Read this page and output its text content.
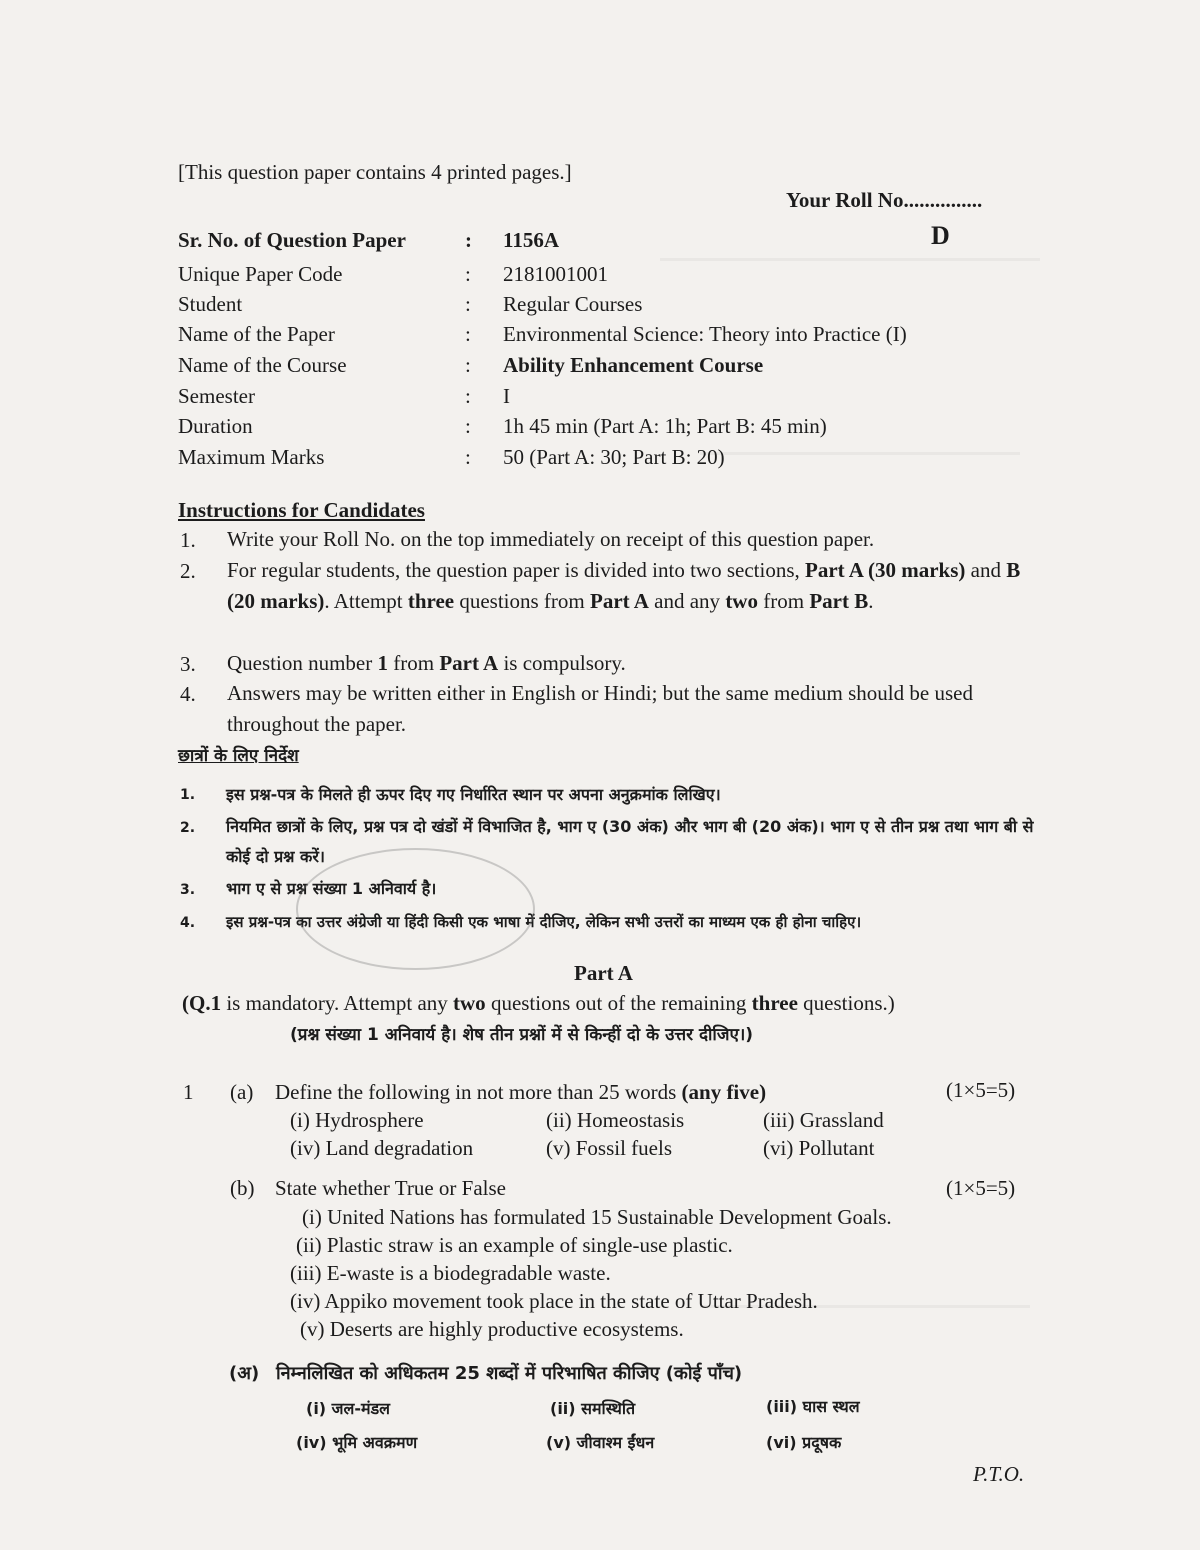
[This question paper contains 4 printed pages.]
Your Roll No...............
D
Sr. No. of Question Paper	: 1156A
Unique Paper Code	: 2181001001
Student	: Regular Courses
Name of the Paper	: Environmental Science: Theory into Practice (I)
Name of the Course	: Ability Enhancement Course
Semester	: I
Duration	: 1h 45 min (Part A: 1h; Part B: 45 min)
Maximum Marks	: 50 (Part A: 30; Part B: 20)
Instructions for Candidates
1. Write your Roll No. on the top immediately on receipt of this question paper.
2. For regular students, the question paper is divided into two sections, Part A (30 marks) and B (20 marks). Attempt three questions from Part A and any two from Part B.
3. Question number 1 from Part A is compulsory.
4. Answers may be written either in English or Hindi; but the same medium should be used throughout the paper.
छात्रों के लिए निर्देश
1. इस प्रश्न-पत्र के मिलते ही ऊपर दिए गए निर्धारित स्थान पर अपना अनुक्रमांक लिखिए।
2. नियमित छात्रों के लिए, प्रश्न पत्र दो खंडों में विभाजित है, भाग ए (30 अंक) और भाग बी (20 अंक)। भाग ए से तीन प्रश्न तथा भाग बी से कोई दो प्रश्न करें।
3. भाग ए से प्रश्न संख्या 1 अनिवार्य है।
4. इस प्रश्न-पत्र का उत्तर अंग्रेजी या हिंदी किसी एक भाषा में दीजिए, लेकिन सभी उत्तरों का माध्यम एक ही होना चाहिए।
Part A
(Q.1 is mandatory. Attempt any two questions out of the remaining three questions.)
(प्रश्न संख्या 1 अनिवार्य है। शेष तीन प्रश्नों में से किन्हीं दो के उत्तर दीजिए।)
1 (a) Define the following in not more than 25 words (any five)	(1×5=5)
(i) Hydrosphere	(ii) Homeostasis	(iii) Grassland
(iv) Land degradation	(v) Fossil fuels	(vi) Pollutant
(b) State whether True or False	(1×5=5)
(i) United Nations has formulated 15 Sustainable Development Goals.
(ii) Plastic straw is an example of single-use plastic.
(iii) E-waste is a biodegradable waste.
(iv) Appiko movement took place in the state of Uttar Pradesh.
(v) Deserts are highly productive ecosystems.
(अ) निम्नलिखित को अधिकतम 25 शब्दों में परिभाषित कीजिए (कोई पाँच)
(i) जल-मंडल	(ii) समस्थिति	(iii) घास स्थल
(iv) भूमि अवक्रमण	(v) जीवाश्म ईंधन	(vi) प्रदूषक
P.T.O.
